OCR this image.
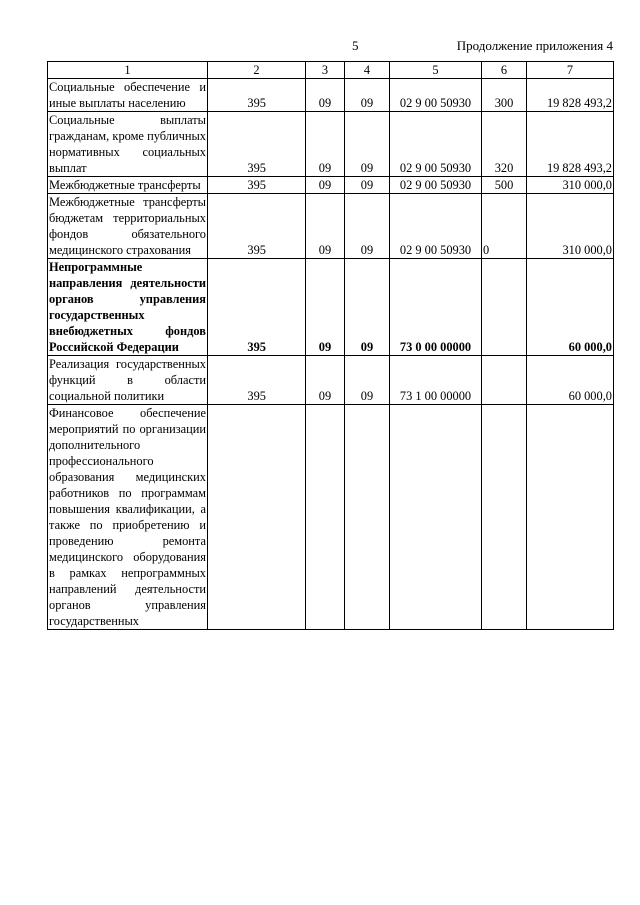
5	Продолжение приложения 4
1	2	3	4	5	6	7
Социальные обеспечение и иные выплаты населению	395	09	09	02 9 00 50930	300	19 828 493,2
Социальные выплаты гражданам, кроме публичных нормативных социальных выплат	395	09	09	02 9 00 50930	320	19 828 493,2
Межбюджетные трансферты	395	09	09	02 9 00 50930	500	310 000,0
Межбюджетные трансферты бюджетам территориальных фондов обязательного медицинского страхования	395	09	09	02 9 00 50930	0	310 000,0
Непрограммные направления деятельности органов управления государственных внебюджетных фондов Российской Федерации	395	09	09	73 0 00 00000		60 000,0
Реализация государственных функций в области социальной политики	395	09	09	73 1 00 00000		60 000,0
Финансовое обеспечение мероприятий по организации дополнительного профессионального образования медицинских работников по программам повышения квалификации, а также по приобретению и проведению ремонта медицинского оборудования в рамках непрограммных направлений деятельности органов управления государственных						
